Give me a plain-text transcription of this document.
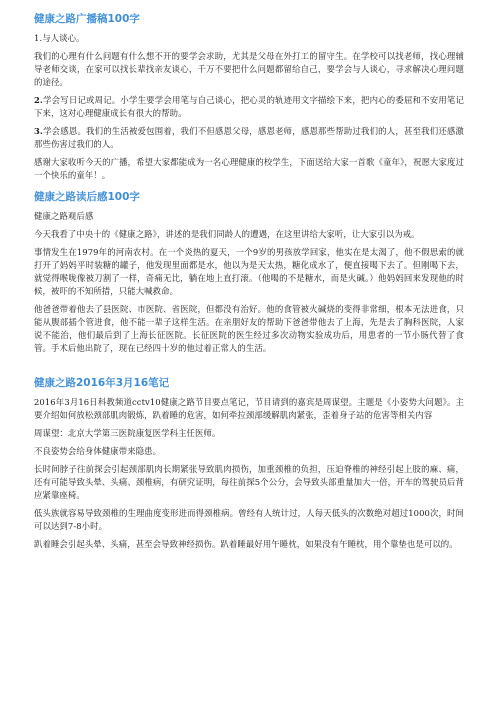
健康之路广播稿100字

1.与人谈心。

我们的心理有什么问题有什么想不开的要学会求助，尤其是父母在外打工的留守生。在学校可以找老师，找心理辅导老师交谈，在家可以找长辈找亲友谈心，千万不要把什么问题都留给自己，要学会与人谈心，寻求解决心理问题的途径。

2.学会写日记或周记。小学生要学会用笔与自己谈心，把心灵的轨迹用文字描绘下来，把内心的委屈和不安用笔记下来，这对心理健康成长有很大的帮助。

3.学会感恩。我们的生活被爱包围着，我们不但感恩父母，感恩老师，感恩那些帮助过我们的人，甚至我们还感激那些伤害过我们的人。

感谢大家收听今天的广播，希望大家都能成为一名心理健康的校学生，下面送给大家一首歌《童年》，祝愿大家度过一个快乐的童年！。

健康之路读后感100字

健康之路观后感

今天我看了中央十的《健康之路》，讲述的是我们同龄人的遭遇，在这里讲给大家听，让大家引以为戒。

事情发生在1979年的河南农村。在一个炎热的夏天，一个9岁的男孩放学回家，他实在是太渴了，他不假思索的就打开了妈妈平时装糖的罐子，他发现里面都是水，他以为是天太热，糖化成水了，便直接喝下去了。但刚喝下去，就觉得喉咙像被刀割了一样，奇痛无比，躺在地上直打滚。（他喝的不是糖水，而是火碱。）他妈妈回来发现他的时候，被吓的不知所措，只能大喊救命。

他爸爸带着他去了县医院、市医院、省医院，但都没有治好。他的食管被火碱烧的变得非常细，根本无法进食，只能从腹部插个管进食，他不能一辈子这样生活。在亲朋好友的帮助下爸爸带他去了上海，先是去了胸科医院，人家说不能治，他们最后到了上海长征医院。长征医院的医生经过多次动物实验成功后，用患者的一节小肠代替了食管。手术后他出院了，现在已经四十岁的他过着正常人的生活。

健康之路2016年3月16笔记

2016年3月16日科教频道cctv10健康之路节目要点笔记，节目请到的嘉宾是周谋望。主题是《小姿势大问题》。主要介绍如何放松颈部肌肉锻炼，趴着睡的危害，如何牵拉颈部缓解肌肉紧张，歪着身子站的危害等相关内容

周谋望：北京大学第三医院康复医学科主任医师。

不良姿势会给身体健康带来隐患。

长时间脖子往前探会引起颈部肌肉长期紧张导致肌肉损伤，加重颈椎的负担，压迫脊椎的神经引起上肢的麻、痛，还有可能导致头晕、头痛、颈椎病，有研究证明，每往前探5个公分，会导致头部重量加大一倍，开车的驾驶员后背应紧靠座椅。

低头族就容易导致颈椎的生理曲度变形进而得颈椎病。曾经有人统计过，人每天低头的次数绝对超过1000次，时间可以达到7-8小时。

趴着睡会引起头晕、头痛，甚至会导致神经损伤。趴着睡最好用午睡枕，如果没有午睡枕，用个靠垫也是可以的。
